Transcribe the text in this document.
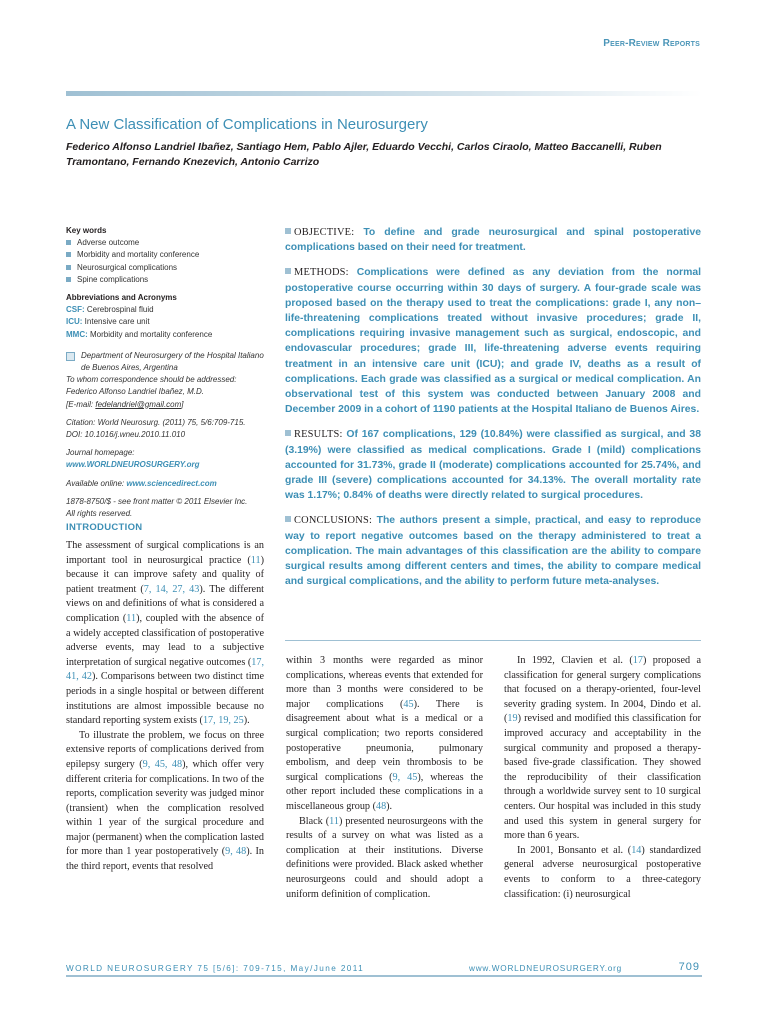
Peer-Review Reports
A New Classification of Complications in Neurosurgery
Federico Alfonso Landriel Ibañez, Santiago Hem, Pablo Ajler, Eduardo Vecchi, Carlos Ciraolo, Matteo Baccanelli, Ruben Tramontano, Fernando Knezevich, Antonio Carrizo
Key words
Adverse outcome
Morbidity and mortality conference
Neurosurgical complications
Spine complications
Abbreviations and Acronyms
CSF: Cerebrospinal fluid
ICU: Intensive care unit
MMC: Morbidity and mortality conference
Department of Neurosurgery of the Hospital Italiano de Buenos Aires, Argentina
To whom correspondence should be addressed:
Federico Alfonso Landriel Ibañez, M.D.
[E-mail: fedelandriel@gmail.com]
Citation: World Neurosurg. (2011) 75, 5/6:709-715.
DOI: 10.1016/j.wneu.2010.11.010
Journal homepage: www.WORLDNEUROSURGERY.org
Available online: www.sciencedirect.com
1878-8750/$ - see front matter © 2011 Elsevier Inc.
All rights reserved.

OBJECTIVE: To define and grade neurosurgical and spinal postoperative complications based on their need for treatment.

METHODS: Complications were defined as any deviation from the normal postoperative course occurring within 30 days of surgery. A four-grade scale was proposed based on the therapy used to treat the complications: grade I, any non–life-threatening complications treated without invasive procedures; grade II, complications requiring invasive management such as surgical, endoscopic, and endovascular procedures; grade III, life-threatening adverse events requiring treatment in an intensive care unit (ICU); and grade IV, deaths as a result of complications. Each grade was classified as a surgical or medical complication. An observational test of this system was conducted between January 2008 and December 2009 in a cohort of 1190 patients at the Hospital Italiano de Buenos Aires.

RESULTS: Of 167 complications, 129 (10.84%) were classified as surgical, and 38 (3.19%) were classified as medical complications. Grade I (mild) complications accounted for 31.73%, grade II (moderate) complications accounted for 25.74%, and grade III (severe) complications accounted for 34.13%. The overall mortality rate was 1.17%; 0.84% of deaths were directly related to surgical procedures.

CONCLUSIONS: The authors present a simple, practical, and easy to reproduce way to report negative outcomes based on the therapy administered to treat a complication. The main advantages of this classification are the ability to compare surgical results among different centers and times, the ability to compare medical and surgical complications, and the ability to perform future meta-analyses.

INTRODUCTION

The assessment of surgical complications is an important tool in neurosurgical practice (11) because it can improve safety and quality of patient treatment (7, 14, 27, 43). The different views on and definitions of what is considered a complication (11), coupled with the absence of a widely accepted classification of postoperative adverse events, may lead to a subjective interpretation of surgical negative outcomes (17, 41, 42). Comparisons between two distinct time periods in a single hospital or between different institutions are almost impossible because no standard reporting system exists (17, 19, 25).

To illustrate the problem, we focus on three extensive reports of complications derived from epilepsy surgery (9, 45, 48), which offer very different criteria for complications. In two of the reports, complication severity was judged minor (transient) when the complication resolved within 1 year of the surgical procedure and major (permanent) when the complication lasted for more than 1 year postoperatively (9, 48). In the third report, events that resolved

within 3 months were regarded as minor complications, whereas events that extended for more than 3 months were considered to be major complications (45). There is disagreement about what is a medical or a surgical complication; two reports considered postoperative pneumonia, pulmonary embolism, and deep vein thrombosis to be surgical complications (9, 45), whereas the other report included these complications in a miscellaneous group (48).

Black (11) presented neurosurgeons with the results of a survey on what was listed as a complication at their institutions. Diverse definitions were provided. Black asked whether neurosurgeons could and should adopt a uniform definition of complication.

In 1992, Clavien et al. (17) proposed a classification for general surgery complications that focused on a therapy-oriented, four-level severity grading system. In 2004, Dindo et al. (19) revised and modified this classification for improved accuracy and acceptability in the surgical community and proposed a therapy-based five-grade classification. They showed the reproducibility of their classification through a worldwide survey sent to 10 surgical centers. Our hospital was included in this study and used this system in general surgery for more than 6 years.

In 2001, Bonsanto et al. (14) standardized general adverse neurosurgical postoperative events to conform to a three-category classification: (i) neurosurgical

WORLD NEUROSURGERY 75 [5/6]: 709-715, May/June 2011	www.WORLDNEUROSURGERY.org	709
